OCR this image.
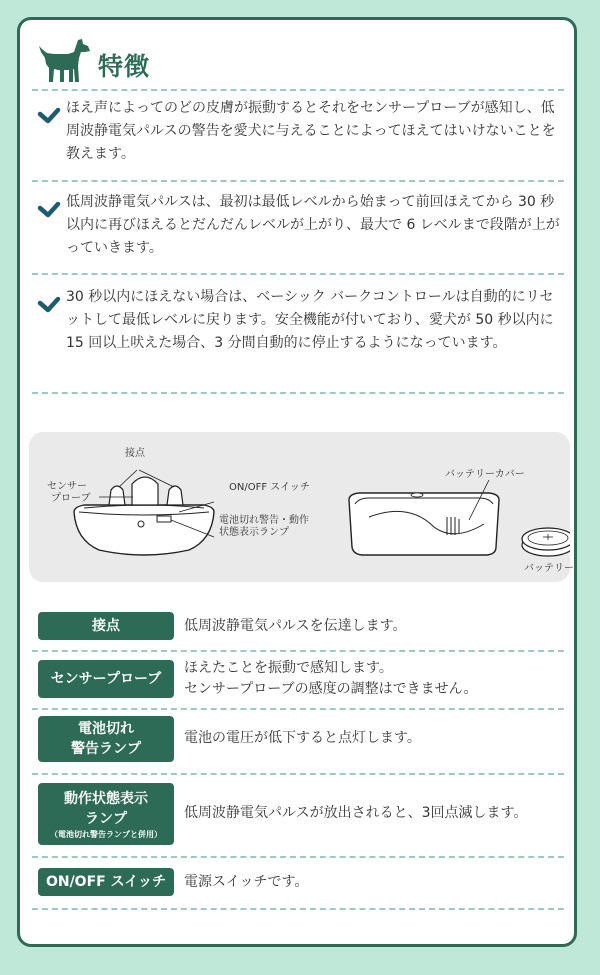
特徴
ほえ声によってのどの皮膚が振動するとそれをセンサープローブが感知し、低周波静電気パルスの警告を愛犬に与えることによってほえてはいけないことを教えます。
低周波静電気パルスは、最初は最低レベルから始まって前回ほえてから 30 秒以内に再びほえるとだんだんレベルが上がり、最大で 6 レベルまで段階が上がっていきます。
30 秒以内にほえない場合は、ベーシック バークコントロールは自動的にリセットして最低レベルに戻ります。安全機能が付いており、愛犬が 50 秒以内に 15 回以上吠えた場合、3 分間自動的に停止するようになっています。
接点
センサー
プローブ
ON/OFF スイッチ
電池切れ警告・動作
状態表示ランプ
バッテリーカバー
バッテリー
接点	低周波静電気パルスを伝達します。
センサープローブ
ほえたことを振動で感知します。
センサープローブの感度の調整はできません。
電池切れ
警告ランプ
電池の電圧が低下すると点灯します。
動作状態表示
ランプ
（電池切れ警告ランプと併用）
低周波静電気パルスが放出されると、3回点滅します。
ON/OFF スイッチ 電源スイッチです。
